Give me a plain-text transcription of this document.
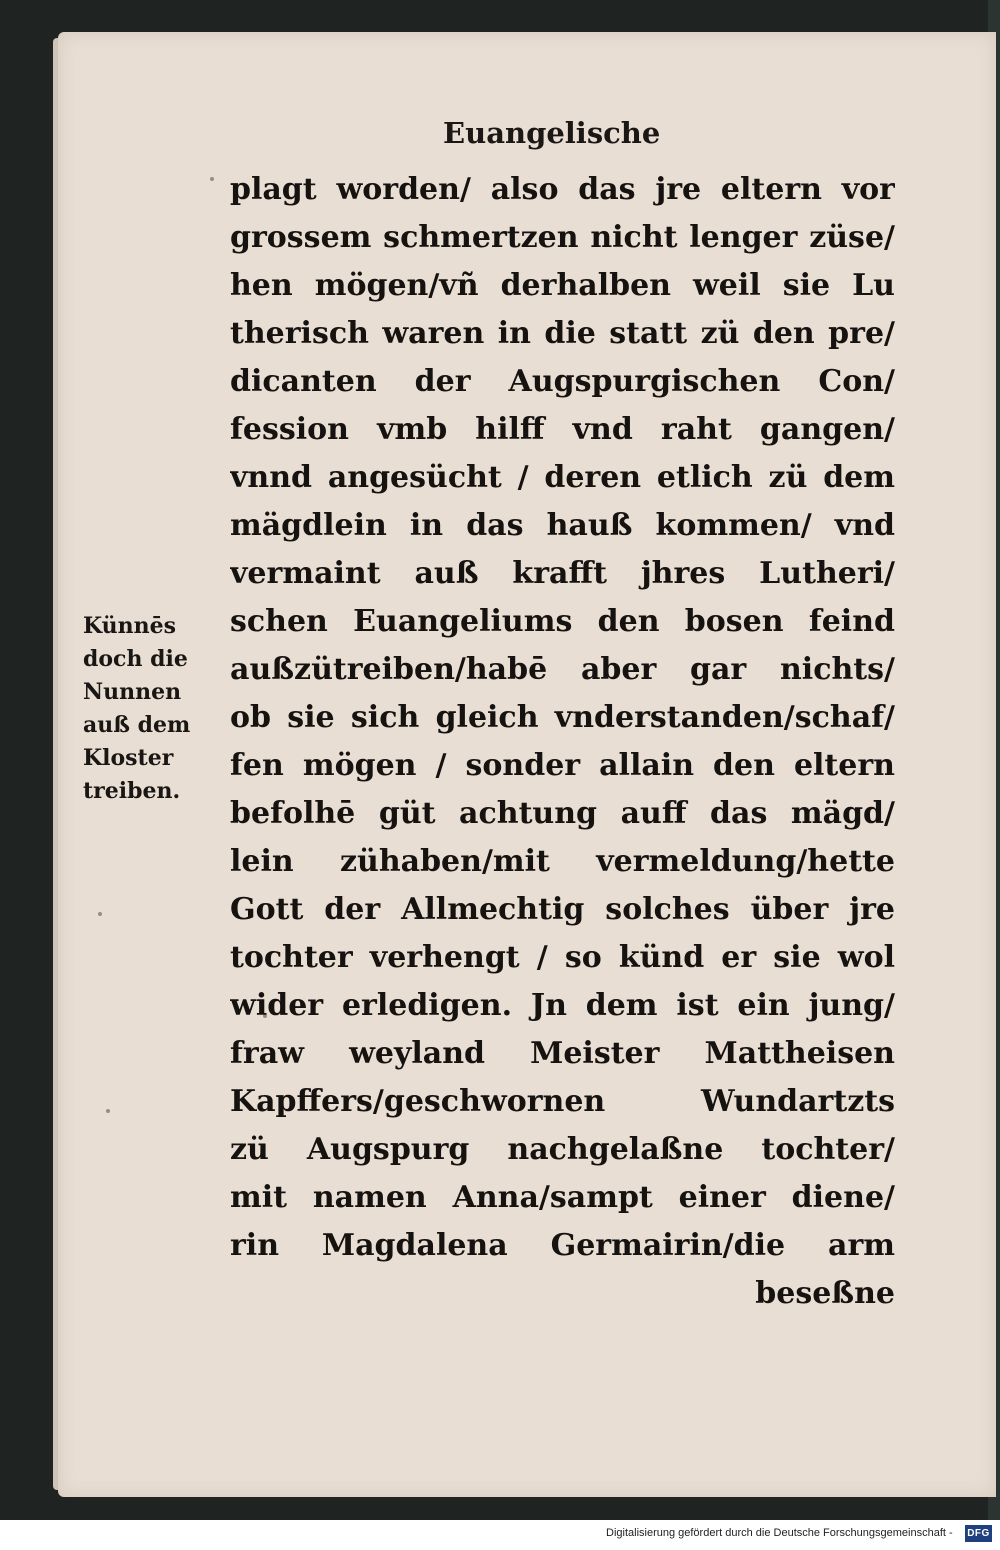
Euangelische
plagt worden/ also das jre eltern vor
grossem schmertzen nicht lenger züse/
hen mögen/vñ derhalben weil sie Lu
therisch waren in die statt zü den pre/
dicanten der Augspurgischen Con/
fession vmb hilff vnd raht gangen/
vnnd angesücht / deren etlich zü dem
mägdlein in das hauß kommen/ vnd
vermaint auß krafft jhres Lutheri/
schen Euangeliums den bosen feind
außzütreiben/habē aber gar nichts/
ob sie sich gleich vnderstanden/schaf/
fen mögen / sonder allain den eltern
befolhē güt achtung auff das mägd/
lein zühaben/mit vermeldung/hette
Gott der Allmechtig solches über jre
tochter verhengt / so künd er sie wol
wider erledigen. Jn dem ist ein jung/
fraw weyland Meister Mattheisen
Kapffers/geschwornen Wundartzts
zü Augspurg nachgelaßne tochter/
mit namen Anna/sampt einer diene/
rin Magdalena Germairin/die arm
beseßne
Künnēs
doch die
Nunnen
auß dem
Kloster
treiben.
Digitalisierung gefördert durch die Deutsche Forschungsgemeinschaft - DFG
